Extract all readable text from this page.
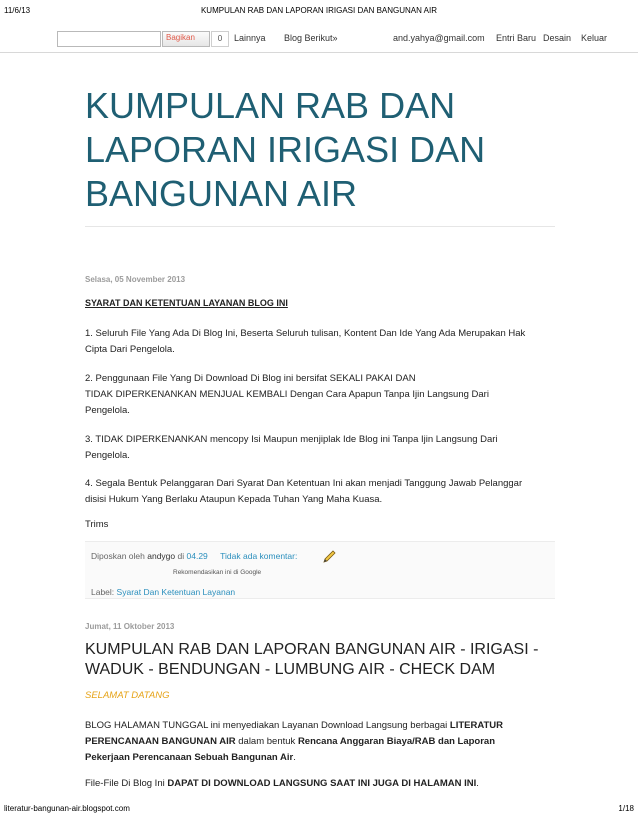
11/6/13	KUMPULAN RAB DAN LAPORAN IRIGASI DAN BANGUNAN AIR
Bagikan	0	Lainnya Blog Berikut»	and.yahya@gmail.com Entri Baru Desain Keluar
KUMPULAN RAB DAN
LAPORAN IRIGASI DAN
BANGUNAN AIR
Selasa, 05 November 2013
SYARAT DAN KETENTUAN LAYANAN BLOG INI
1. Seluruh File Yang Ada Di Blog Ini, Beserta Seluruh tulisan, Kontent Dan Ide Yang Ada Merupakan Hak
Cipta Dari Pengelola.
2. Penggunaan File Yang Di Download Di Blog ini bersifat SEKALI PAKAI DAN
TIDAK DIPERKENANKAN MENJUAL KEMBALI Dengan Cara Apapun Tanpa Ijin Langsung Dari
Pengelola.
3. TIDAK DIPERKENANKAN mencopy Isi Maupun menjiplak Ide Blog ini Tanpa Ijin Langsung Dari
Pengelola.
4. Segala Bentuk Pelanggaran Dari Syarat Dan Ketentuan Ini akan menjadi Tanggung Jawab Pelanggar
disisi Hukum Yang Berlaku Ataupun Kepada Tuhan Yang Maha Kuasa.
Trims
Diposkan oleh andygo di 04.29 Tidak ada komentar:
Rekomendasikan ini di Google
Label: Syarat Dan Ketentuan Layanan
Jumat, 11 Oktober 2013
KUMPULAN RAB DAN LAPORAN BANGUNAN AIR - IRIGASI -
WADUK - BENDUNGAN - LUMBUNG AIR - CHECK DAM
SELAMAT DATANG
BLOG HALAMAN TUNGGAL ini menyediakan Layanan Download Langsung berbagai LITERATUR
PERENCANAAN BANGUNAN AIR dalam bentuk Rencana Anggaran Biaya/RAB dan Laporan
Pekerjaan Perencanaan Sebuah Bangunan Air.
File-File Di Blog Ini DAPAT DI DOWNLOAD LANGSUNG SAAT INI JUGA DI HALAMAN INI.
literatur-bangunan-air.blogspot.com	1/18
